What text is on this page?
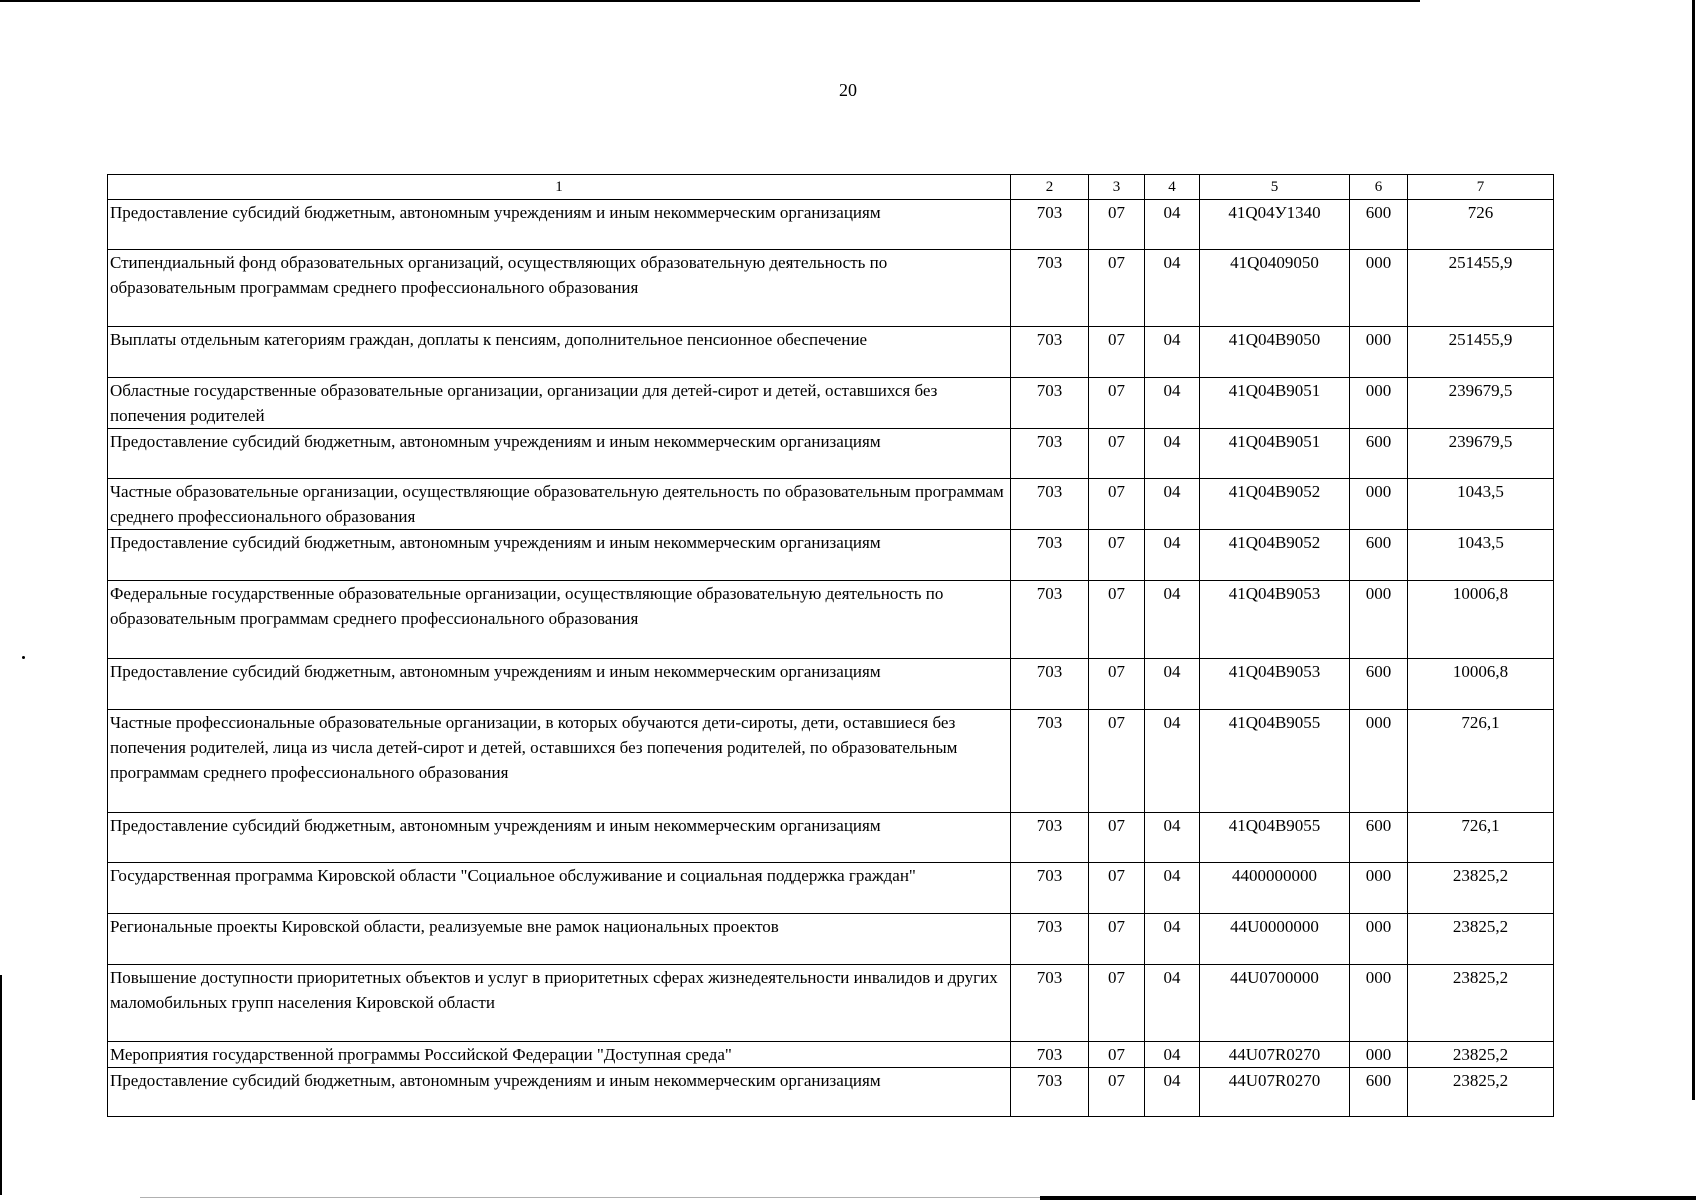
20
1	2	3	4	5	6	7
Предоставление субсидий бюджетным, автономным учреждениям и иным некоммерческим организациям	703	07	04	41Q04У1340	600	726
Стипендиальный фонд образовательных организаций, осуществляющих образовательную деятельность по образовательным программам среднего профессионального образования	703	07	04	41Q0409050	000	251455,9
Выплаты отдельным категориям граждан, доплаты к пенсиям, дополнительное пенсионное обеспечение	703	07	04	41Q04B9050	000	251455,9
Областные государственные образовательные организации, организации для детей-сирот и детей, оставшихся без попечения родителей	703	07	04	41Q04B9051	000	239679,5
Предоставление субсидий бюджетным, автономным учреждениям и иным некоммерческим организациям	703	07	04	41Q04B9051	600	239679,5
Частные образовательные организации, осуществляющие образовательную деятельность по образовательным программам среднего профессионального образования	703	07	04	41Q04B9052	000	1043,5
Предоставление субсидий бюджетным, автономным учреждениям и иным некоммерческим организациям	703	07	04	41Q04B9052	600	1043,5
Федеральные государственные образовательные организации, осуществляющие образовательную деятельность по образовательным программам среднего профессионального образования	703	07	04	41Q04B9053	000	10006,8
Предоставление субсидий бюджетным, автономным учреждениям и иным некоммерческим организациям	703	07	04	41Q04B9053	600	10006,8
Частные профессиональные образовательные организации, в которых обучаются дети-сироты, дети, оставшиеся без попечения родителей, лица из числа детей-сирот и детей, оставшихся без попечения родителей, по образовательным программам среднего профессионального образования	703	07	04	41Q04B9055	000	726,1
Предоставление субсидий бюджетным, автономным учреждениям и иным некоммерческим организациям	703	07	04	41Q04B9055	600	726,1
Государственная программа Кировской области "Социальное обслуживание и социальная поддержка граждан"	703	07	04	4400000000	000	23825,2
Региональные проекты Кировской области, реализуемые вне рамок национальных проектов	703	07	04	44U0000000	000	23825,2
Повышение доступности приоритетных объектов и услуг в приоритетных сферах жизнедеятельности инвалидов и других маломобильных групп населения Кировской области	703	07	04	44U0700000	000	23825,2
Мероприятия государственной программы Российской Федерации "Доступная среда"	703	07	04	44U07R0270	000	23825,2
Предоставление субсидий бюджетным, автономным учреждениям и иным некоммерческим организациям	703	07	04	44U07R0270	600	23825,2
